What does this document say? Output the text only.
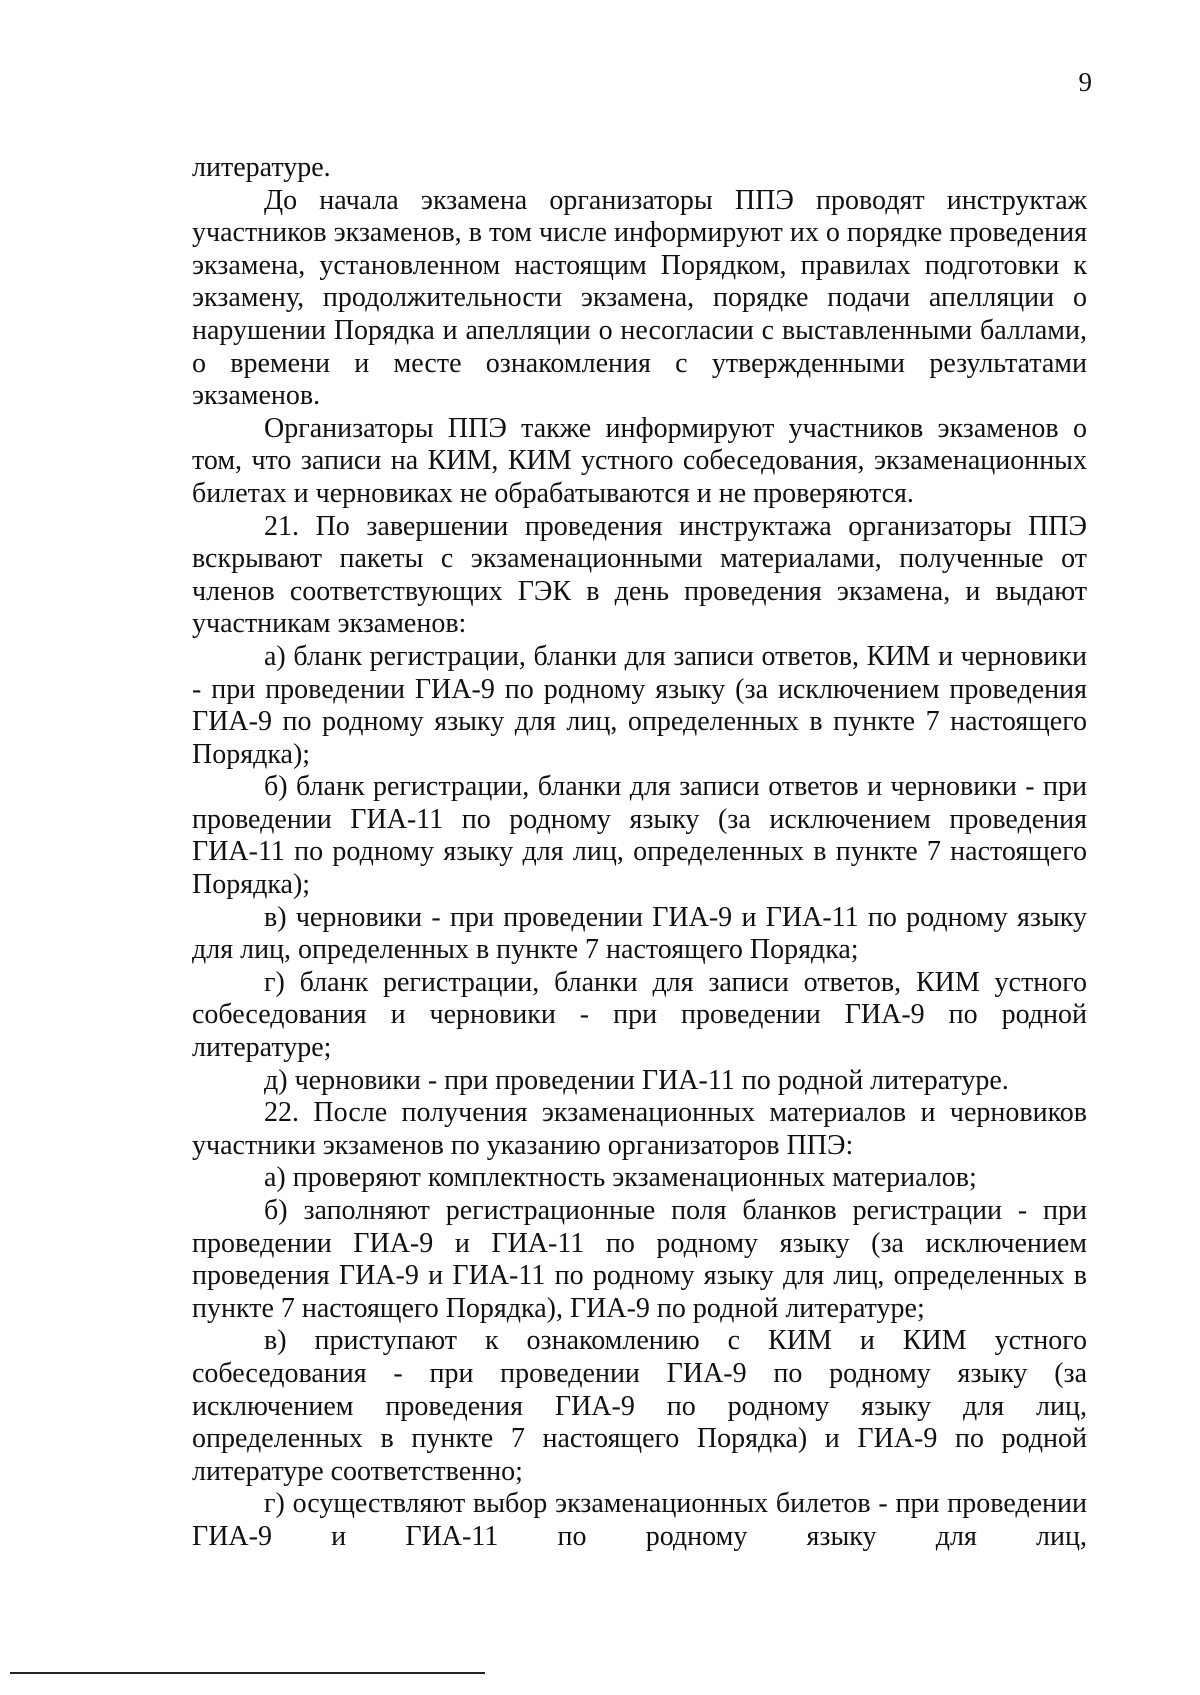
9

литературе.

До начала экзамена организаторы ППЭ проводят инструктаж участников экзаменов, в том числе информируют их о порядке проведения экзамена, установленном настоящим Порядком, правилах подготовки к экзамену, продолжительности экзамена, порядке подачи апелляции о нарушении Порядка и апелляции о несогласии с выставленными баллами, о времени и месте ознакомления с утвержденными результатами экзаменов.

Организаторы ППЭ также информируют участников экзаменов о том, что записи на КИМ, КИМ устного собеседования, экзаменационных билетах и черновиках не обрабатываются и не проверяются.

21. По завершении проведения инструктажа организаторы ППЭ вскрывают пакеты с экзаменационными материалами, полученные от членов соответствующих ГЭК в день проведения экзамена, и выдают участникам экзаменов:

а) бланк регистрации, бланки для записи ответов, КИМ и черновики - при проведении ГИА-9 по родному языку (за исключением проведения ГИА-9 по родному языку для лиц, определенных в пункте 7 настоящего Порядка);

б) бланк регистрации, бланки для записи ответов и черновики - при проведении ГИА-11 по родному языку (за исключением проведения ГИА-11 по родному языку для лиц, определенных в пункте 7 настоящего Порядка);

в) черновики - при проведении ГИА-9 и ГИА-11 по родному языку для лиц, определенных в пункте 7 настоящего Порядка;

г) бланк регистрации, бланки для записи ответов, КИМ устного собеседования и черновики - при проведении ГИА-9 по родной литературе;

д) черновики - при проведении ГИА-11 по родной литературе.

22. После получения экзаменационных материалов и черновиков участники экзаменов по указанию организаторов ППЭ:

а) проверяют комплектность экзаменационных материалов;

б) заполняют регистрационные поля бланков регистрации - при проведении ГИА-9 и ГИА-11 по родному языку (за исключением проведения ГИА-9 и ГИА-11 по родному языку для лиц, определенных в пункте 7 настоящего Порядка), ГИА-9 по родной литературе;

в) приступают к ознакомлению с КИМ и КИМ устного собеседования - при проведении ГИА-9 по родному языку (за исключением проведения ГИА-9 по родному языку для лиц, определенных в пункте 7 настоящего Порядка) и ГИА-9 по родной литературе соответственно;

г) осуществляют выбор экзаменационных билетов - при проведении ГИА-9 и ГИА-11 по родному языку для лиц,
